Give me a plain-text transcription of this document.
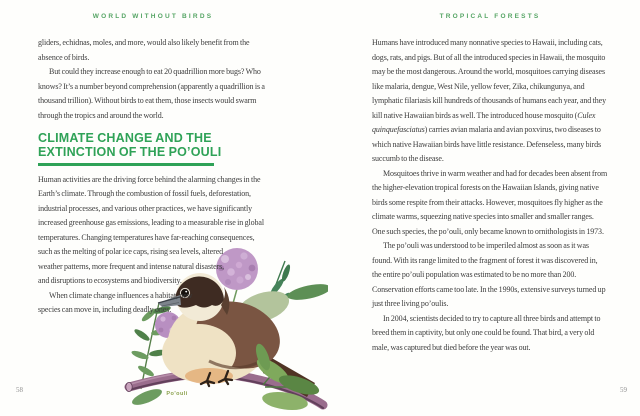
WORLD WITHOUT BIRDS

gliders, echidnas, moles, and more, would also likely benefit from the absence of birds.

But could they increase enough to eat 20 quadrillion more bugs? Who knows? It’s a number beyond comprehension (apparently a quadrillion is a thousand trillion). Without birds to eat them, those insects would swarm through the tropics and around the world.

CLIMATE CHANGE AND THE
EXTINCTION OF THE PO’OULI

Human activities are the driving force behind the alarming changes in the Earth’s climate. Through the combustion of fossil fuels, deforestation, industrial processes, and various other practices, we have significantly increased greenhouse gas emissions, leading to a measurable rise in global temperatures. Changing temperatures have
Po’ouli
far-reaching consequences, such as the melting of polar ice caps, rising sea levels, altered weather patterns, more frequent and intense natural disasters, and disruptions to ecosystems and biodiversity.

When climate change influences a habitat, new species can move in, including deadly ones.

58
TROPICAL FORESTS

Humans have introduced many nonnative species to Hawaii, including cats, dogs, rats, and pigs. But of all the introduced species in Hawaii, the mosquito may be the most dangerous. Around the world, mosquitoes carrying diseases like malaria, dengue, West Nile, yellow fever, Zika, chikungunya, and lymphatic filariasis kill hundreds of thousands of humans each year, and they kill native Hawaiian birds as well. The introduced house mosquito (Culex quinquefasciatus) carries avian malaria and avian poxvirus, two diseases to which native Hawaiian birds have little resistance. Defenseless, many birds succumb to the disease.

Mosquitoes thrive in warm weather and had for decades been absent from the higher-elevation tropical forests on the Hawaiian Islands, giving native birds some respite from their attacks. However, mosquitoes fly higher as the climate warms, squeezing native species into smaller and smaller ranges. One such species, the po’ouli, only became known to ornithologists in 1973.

The po’ouli was understood to be imperiled almost as soon as it was found. With its range limited to the fragment of forest it was discovered in, the entire po’ouli population was estimated to be no more than 200. Conservation efforts came too late. In the 1990s, extensive surveys turned up just three living po’oulis.

In 2004, scientists decided to try to capture all three birds and attempt to breed them in captivity, but only one could be found. That bird, a very old male, was captured but died before the year was out.

59
